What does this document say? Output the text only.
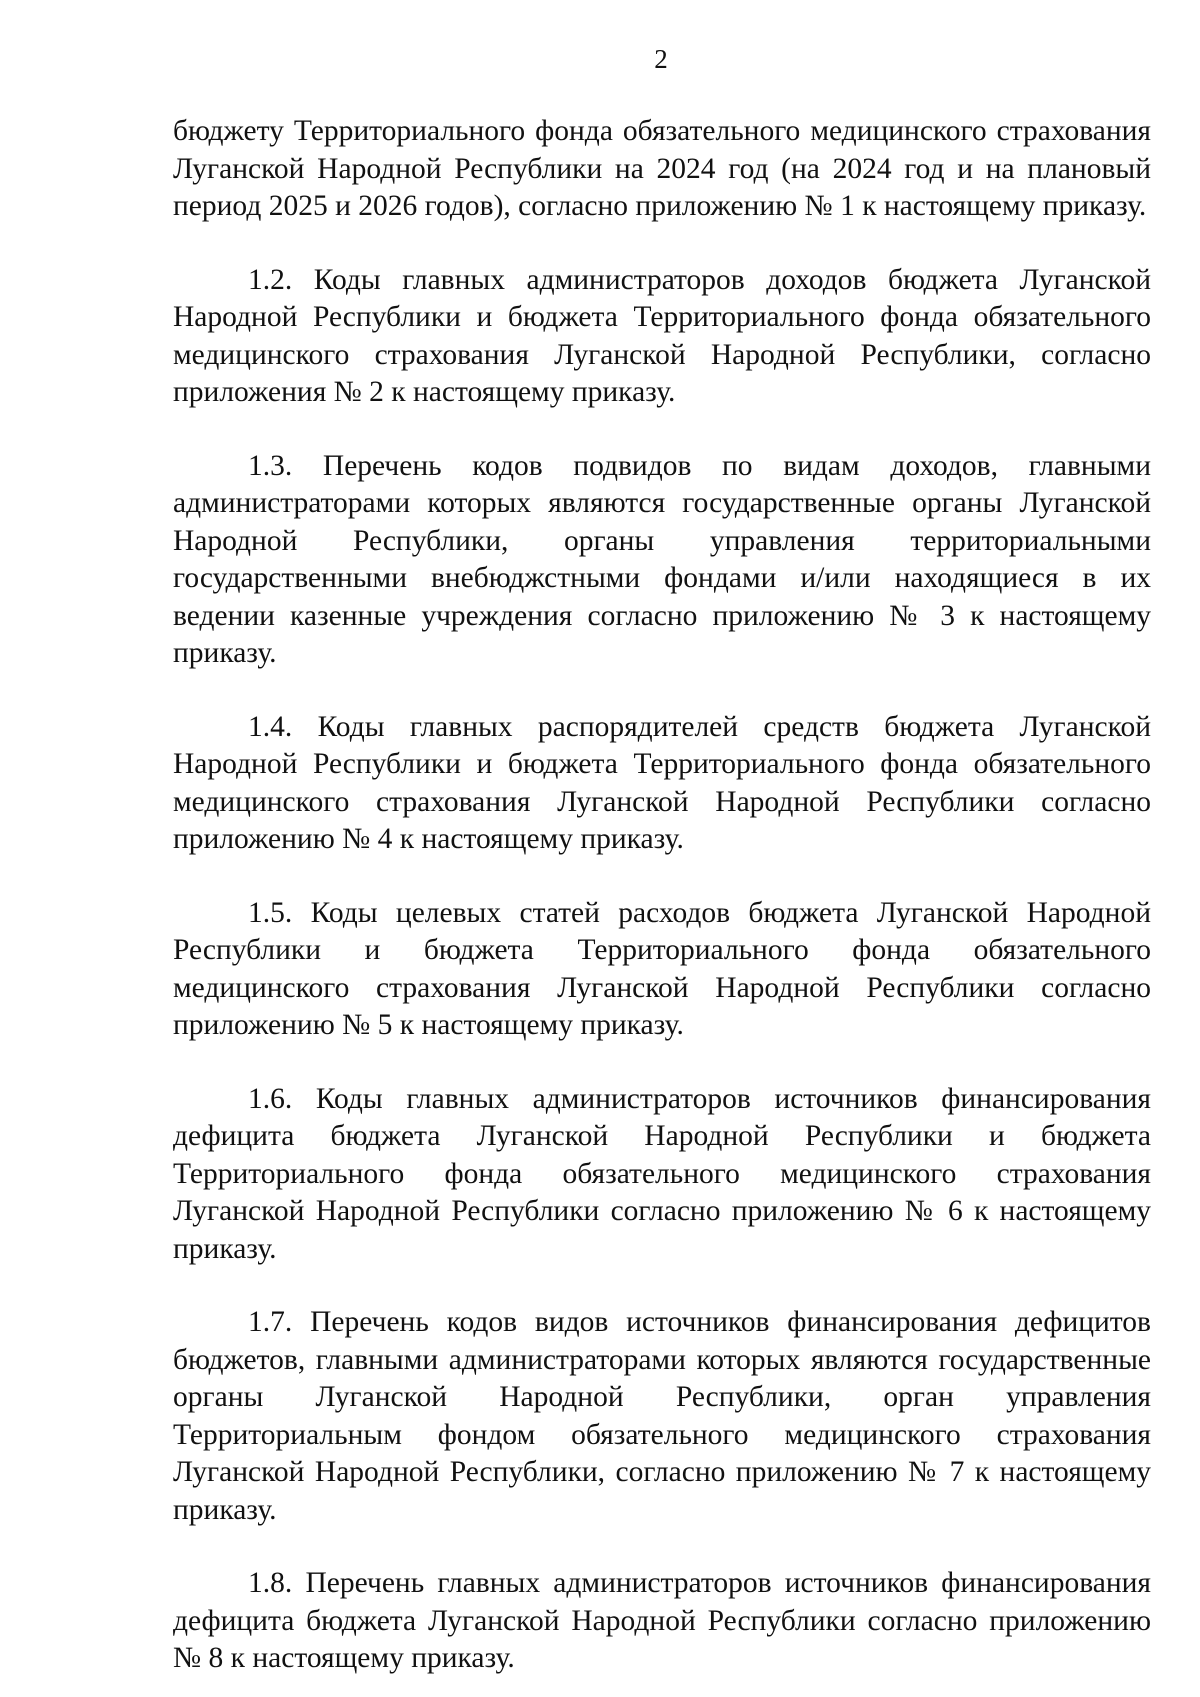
2

бюджету Территориального фонда обязательного медицинского страхования Луганской Народной Республики на 2024 год (на 2024 год и на плановый период 2025 и 2026 годов), согласно приложению № 1 к настоящему приказу.

1.2. Коды главных администраторов доходов бюджета Луганской Народной Республики и бюджета Территориального фонда обязательного медицинского страхования Луганской Народной Республики, согласно приложения № 2 к настоящему приказу.

1.3. Перечень кодов подвидов по видам доходов, главными администраторами которых являются государственные органы Луганской Народной Республики, органы управления территориальными государственными внебюджстными фондами и/или находящиеся в их ведении казенные учреждения согласно приложению № 3 к настоящему приказу.

1.4. Коды главных распорядителей средств бюджета Луганской Народной Республики и бюджета Территориального фонда обязательного медицинского страхования Луганской Народной Республики согласно приложению № 4 к настоящему приказу.

1.5. Коды целевых статей расходов бюджета Луганской Народной Республики и бюджета Территориального фонда обязательного медицинского страхования Луганской Народной Республики согласно приложению № 5 к настоящему приказу.

1.6. Коды главных администраторов источников финансирования дефицита бюджета Луганской Народной Республики и бюджета Территориального фонда обязательного медицинского страхования Луганской Народной Республики согласно приложению № 6 к настоящему приказу.

1.7. Перечень кодов видов источников финансирования дефицитов бюджетов, главными администраторами которых являются государственные органы Луганской Народной Республики, орган управления Территориальным фондом обязательного медицинского страхования Луганской Народной Республики, согласно приложению № 7 к настоящему приказу.

1.8. Перечень главных администраторов источников финансирования дефицита бюджета Луганской Народной Республики согласно приложению № 8 к настоящему приказу.
